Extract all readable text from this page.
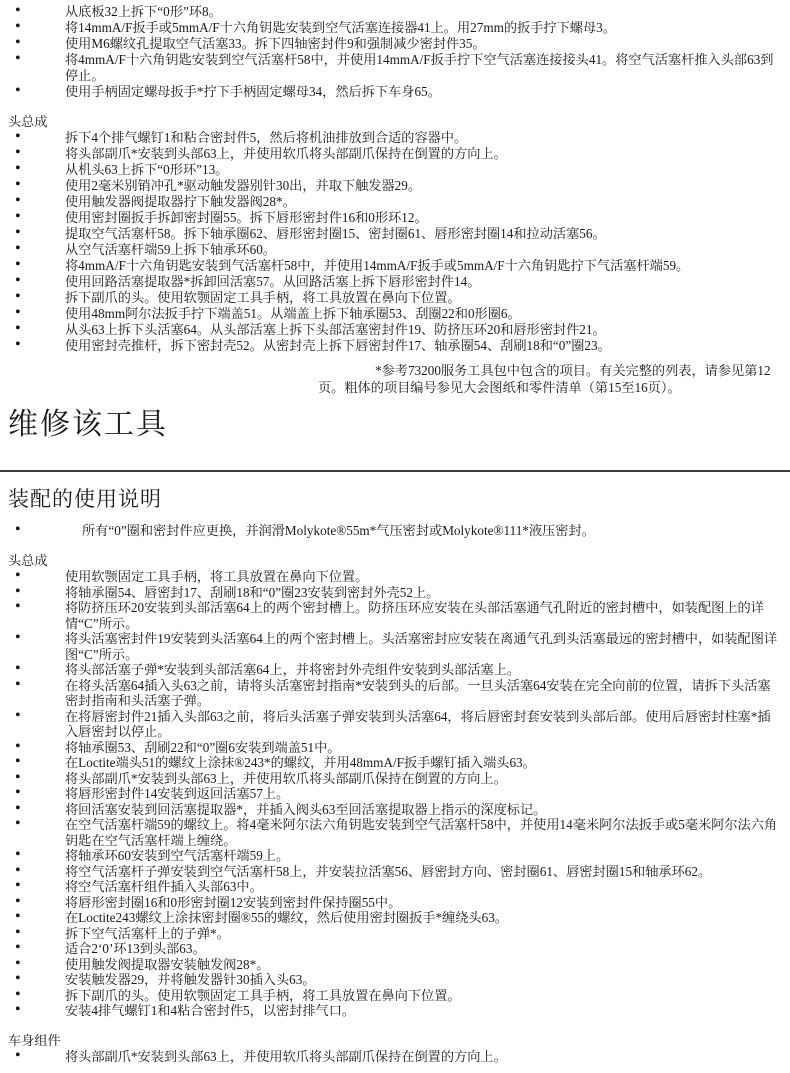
• 从底板32上拆下“0形”环8。
• 将14mmA/F扳手或5mmA/F十六角钥匙安装到空气活塞连接器41上。用27mm的扳手拧下螺母3。
• 使用M6螺纹孔提取空气活塞33。拆下四轴密封件9和强制减少密封件35。
• 将4mmA/F十六角钥匙安装到空气活塞杆58中，并使用14mmA/F扳手拧下空气活塞连接接头41。将空气活塞杆推入头部63到停止。
• 使用手柄固定螺母扳手*拧下手柄固定螺母34，然后拆下车身65。
头总成
• 拆下4个排气螺钉1和粘合密封件5，然后将机油排放到合适的容器中。
• 将头部副爪*安装到头部63上，并使用软爪将头部副爪保持在倒置的方向上。
• 从机头63上拆下“0形环”13。
• 使用2毫米别销冲孔*驱动触发器别针30出，并取下触发器29。
• 使用触发器阀提取器拧下触发器阀28*。
• 使用密封圈扳手拆卸密封圈55。拆下唇形密封件16和0形环12。
• 提取空气活塞杆58。拆下轴承圈62、唇形密封圈15、密封圈61、唇形密封圈14和拉动活塞56。
• 从空气活塞杆端59上拆下轴承环60。
• 将4mmA/F十六角钥匙安装到气活塞杆58中，并使用14mmA/F扳手或5mmA/F十六角钥匙拧下气活塞杆端59。
• 使用回路活塞提取器*拆卸回活塞57。从回路活塞上拆下唇形密封件14。
• 拆下副爪的头。使用软颚固定工具手柄，将工具放置在鼻向下位置。
• 使用48mm阿尔法扳手拧下端盖51。从端盖上拆下轴承圈53、刮圈22和0形圈6。
• 从头63上拆下头活塞64。从头部活塞上拆下头部活塞密封件19、防挤压环20和唇形密封件21。
• 使用密封壳推杆，拆下密封壳52。从密封壳上拆下唇密封件17、轴承圈54、刮刷18和“0”圈23。

*参考73200服务工具包中包含的项目。有关完整的列表，请参见第12页。粗体的项目编号参见大会图纸和零件清单（第15至16页）。

维修该工具
装配的使用说明
• 所有“0”圈和密封件应更换，并润滑Molykote®55m*气压密封或Molykote®111*液压密封。
头总成
• 使用软颚固定工具手柄，将工具放置在鼻向下位置。
• 将轴承圈54、唇密封17、刮刷18和“0”圈23安装到密封外壳52上。
• 将防挤压环20安装到头部活塞64上的两个密封槽上。防挤压环应安装在头部活塞通气孔附近的密封槽中，如装配图上的详情“C”所示。
• 将头活塞密封件19安装到头活塞64上的两个密封槽上。头活塞密封应安装在离通气孔到头活塞最远的密封槽中，如装配图详图“C”所示。
• 将头部活塞子弹*安装到头部活塞64上，并将密封外壳组件安装到头部活塞上。
• 在将头活塞64插入头63之前，请将头活塞密封指南*安装到头的后部。一旦头活塞64安装在完全向前的位置，请拆下头活塞密封指南和头活塞子弹。
• 在将唇密封件21插入头部63之前，将后头活塞子弹安装到头活塞64，将后唇密封套安装到头部后部。使用后唇密封柱塞*插入唇密封以停止。
• 将轴承圈53、刮刷22和“0”圈6安装到端盖51中。
• 在Loctite端头51的螺纹上涂抹®243*的螺纹，并用48mmA/F扳手螺钉插入端头63。
• 将头部副爪*安装到头部63上，并使用软爪将头部副爪保持在倒置的方向上。
• 将唇形密封件14安装到返回活塞57上。
• 将回活塞安装到回活塞提取器*，并插入阀头63至回活塞提取器上指示的深度标记。
• 在空气活塞杆端59的螺纹上。将4毫米阿尔法六角钥匙安装到空气活塞杆58中，并使用14毫米阿尔法扳手或5毫米阿尔法六角钥匙在空气活塞杆端上缠绕。
• 将轴承环60安装到空气活塞杆端59上。
• 将空气活塞杆子弹安装到空气活塞杆58上，并安装拉活塞56、唇密封方向、密封圈61、唇密封圈15和轴承环62。
• 将空气活塞杆组件插入头部63中。
• 将唇形密封圈16和0形密封圈12安装到密封件保持圈55中。
• 在Loctite243螺纹上涂抹密封圈®55的螺纹，然后使用密封圈扳手*缠绕头63。
• 拆下空气活塞杆上的子弹*。
• 适合2‘0’环13到头部63。
• 使用触发阀提取器安装触发阀28*。
• 安装触发器29，并将触发器针30插入头63。
• 拆下副爪的头。使用软颚固定工具手柄，将工具放置在鼻向下位置。
• 安装4排气螺钉1和4粘合密封件5，以密封排气口。
车身组件
• 将头部副爪*安装到头部63上，并使用软爪将头部副爪保持在倒置的方向上。
